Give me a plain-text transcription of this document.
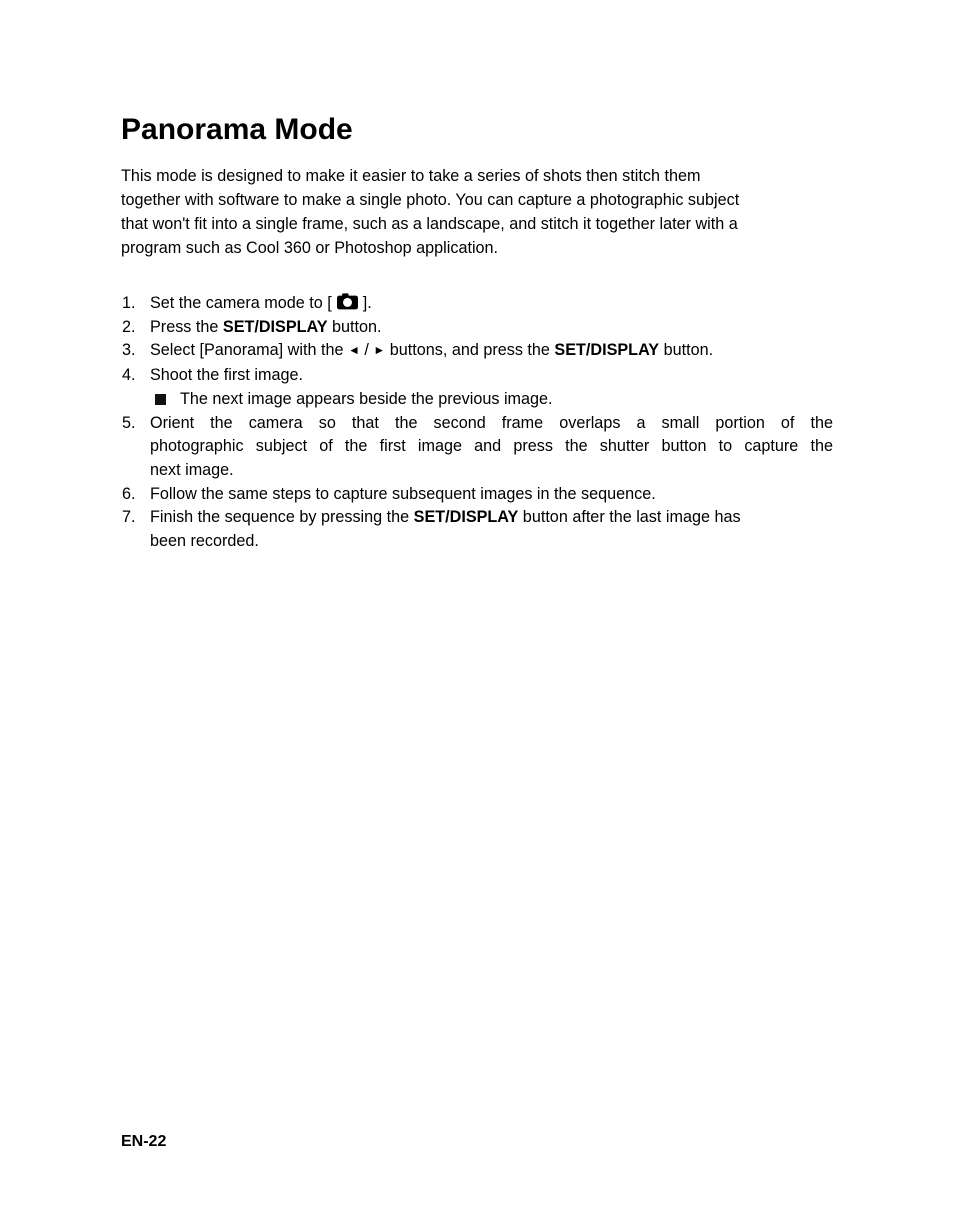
Panorama Mode
This mode is designed to make it easier to take a series of shots then stitch them
together with software to make a single photo. You can capture a photographic subject
that won't fit into a single frame, such as a landscape, and stitch it together later with a
program such as Cool 360 or Photoshop application.
1. Set the camera mode to [ ].
2. Press the SET/DISPLAY button.
3. Select [Panorama] with the ◄ / ► buttons, and press the SET/DISPLAY button.
4. Shoot the first image.
The next image appears beside the previous image.
5. Orient the camera so that the second frame overlaps a small portion of the
photographic subject of the first image and press the shutter button to capture the
next image.
6. Follow the same steps to capture subsequent images in the sequence.
7. Finish the sequence by pressing the SET/DISPLAY button after the last image has
been recorded.
EN-22
